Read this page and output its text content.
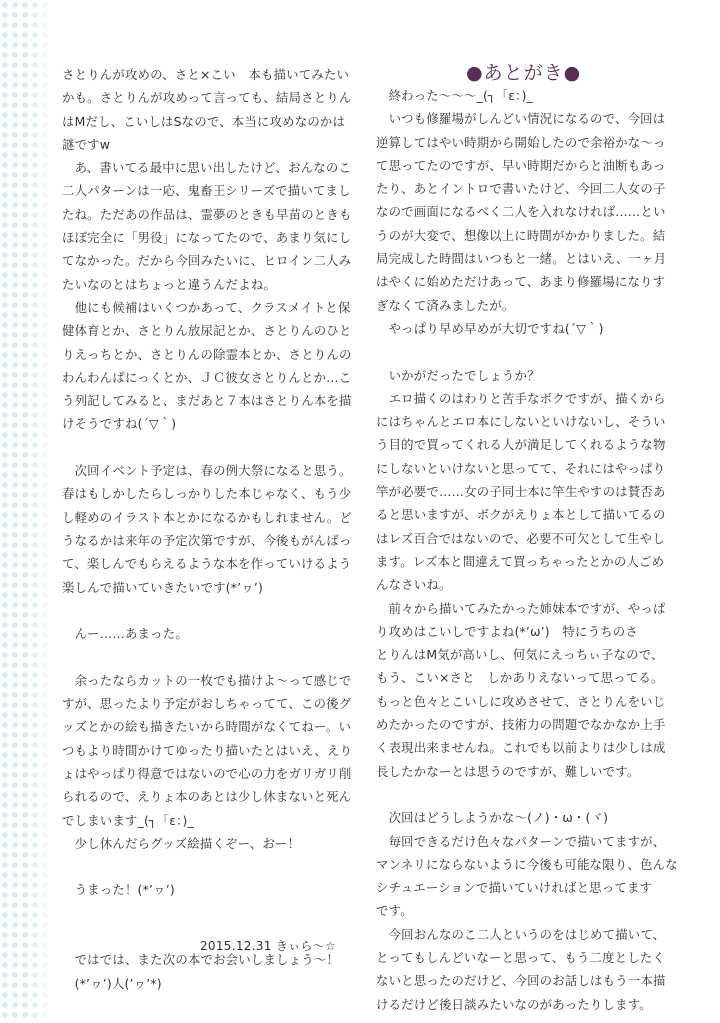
●あとがき●

さとりんが攻めの、さと×こい　本も描いてみたい

かも。さとりんが攻めって言っても、結局さとりん

はMだし、こいしはSなので、本当に攻めなのかは

謎ですw

　あ、書いてる最中に思い出したけど、おんなのこ

二人パターンは一応、鬼畜王シリーズで描いてまし

たね。ただあの作品は、霊夢のときも早苗のときも

ほぼ完全に「男役」になってたので、あまり気にし

てなかった。だから今回みたいに、ヒロイン二人み

たいなのとはちょっと違うんだよね。

　他にも候補はいくつかあって、クラスメイトと保

健体育とか、さとりん放尿記とか、さとりんのひと

りえっちとか、さとりんの除霊本とか、さとりんの

わんわんぱにっくとか、ＪＣ彼女さとりんとか…こ

う列記してみると、まだあと７本はさとりん本を描

けそうですね(´▽｀)

　次回イベント予定は、春の例大祭になると思う。

春はもしかしたらしっかりした本じゃなく、もう少

し軽めのイラスト本とかになるかもしれません。ど

うなるかは来年の予定次第ですが、今後もがんばっ

て、楽しんでもらえるような本を作っていけるよう

楽しんで描いていきたいです(*’ヮ’)

　んー……あまった。

　余ったならカットの一枚でも描けよ～って感じで

すが、思ったより予定がおしちゃってて、この後グ

ッズとかの絵も描きたいから時間がなくてねー。い

つもより時間かけてゆったり描いたとはいえ、えり

ょはやっぱり得意ではないので心の力をガリガリ削

られるので、えりょ本のあとは少し休まないと死ん

でしまいます_(┐「ε：)_

　少し休んだらグッズ絵描くぞー、おー！

　うまった！(*’ヮ’)

　ではでは、また次の本でお会いしましょう～！

　(*’ヮ’)人(’ヮ’*)

2015.12.31 きぃら～☆

　終わった～～～_(┐「ε：)_

　いつも修羅場がしんどい情況になるので、今回は

逆算してはやい時期から開始したので余裕かな～っ

て思ってたのですが、早い時期だからと油断もあっ

たり、あとイントロで書いたけど、今回二人女の子

なので画面になるべく二人を入れなければ……とい

うのが大変で、想像以上に時間がかかりました。結

局完成した時間はいつもと一緒。とはいえ、一ヶ月

はやくに始めただけあって、あまり修羅場になりす

ぎなくて済みましたが。

　やっぱり早め早めが大切ですね(´▽｀)

　いかがだったでしょうか？

　エロ描くのはわりと苦手なボクですが、描くから

にはちゃんとエロ本にしないといけないし、そうい

う目的で買ってくれる人が満足してくれるような物

にしないといけないと思ってて、それにはやっぱり

竿が必要で……女の子同士本に竿生やすのは賛否あ

ると思いますが、ボクがえりょ本として描いてるの

はレズ百合ではないので、必要不可欠として生やし

ます。レズ本と間違えて買っちゃったとかの人ごめ

んなさいね。

　前々から描いてみたかった姉妹本ですが、やっぱ

り攻めはこいしですよね(*’ω’)　特にうちのさ

とりんはM気が高いし、何気にえっちぃ子なので、

もう、こい×さと　しかありえないって思ってる。

もっと色々とこいしに攻めさせて、さとりんをいじ

めたかったのですが、技術力の問題でなかなか上手

く表現出来ませんね。これでも以前よりは少しは成

長したかなーとは思うのですが、難しいです。

　次回はどうしようかな～(ノ)・ω・(ヾ)

　毎回できるだけ色々なパターンで描いてますが、

マンネリにならないように今後も可能な限り、色んな

シチュエーションで描いていければと思ってます

です。

　今回おんなのこ二人というのをはじめて描いて、

とってもしんどいなーと思って、もう二度としたく

ないと思ったのだけど、今回のお話しはもう一本描

けるだけど後日談みたいなのがあったりします。
